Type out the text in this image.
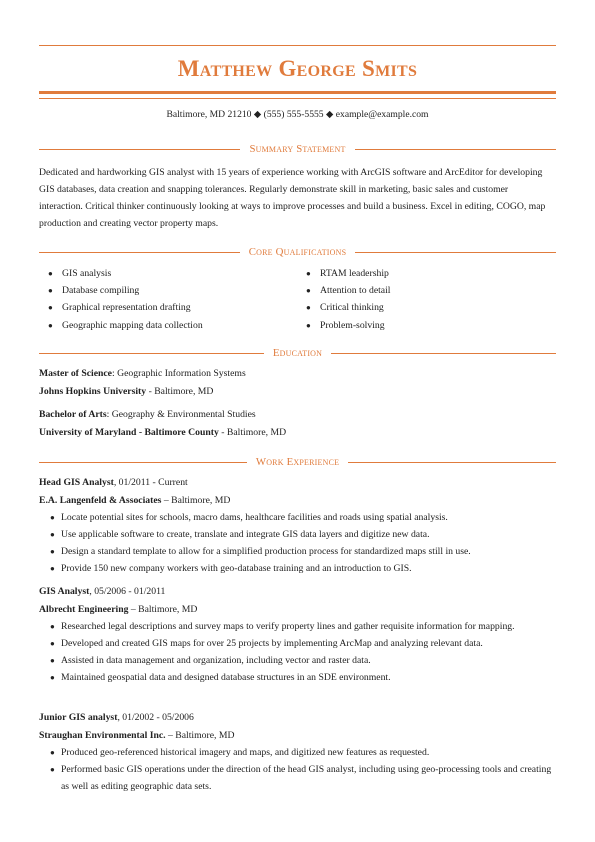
Matthew George Smits
Baltimore, MD 21210 ◆ (555) 555-5555 ◆ example@example.com
Summary Statement
Dedicated and hardworking GIS analyst with 15 years of experience working with ArcGIS software and ArcEditor for developing GIS databases, data creation and snapping tolerances. Regularly demonstrate skill in marketing, basic sales and customer interaction. Critical thinker continuously looking at ways to improve processes and build a business. Excel in editing, COGO, map production and creating vector property maps.
Core Qualifications
● GIS analysis
● Database compiling
● Graphical representation drafting
● Geographic mapping data collection
● RTAM leadership
● Attention to detail
● Critical thinking
● Problem-solving
Education
Master of Science: Geographic Information Systems
Johns Hopkins University - Baltimore, MD
Bachelor of Arts: Geography & Environmental Studies
University of Maryland - Baltimore County - Baltimore, MD
Work Experience
Head GIS Analyst, 01/2011 - Current
E.A. Langenfeld & Associates – Baltimore, MD
● Locate potential sites for schools, macro dams, healthcare facilities and roads using spatial analysis.
● Use applicable software to create, translate and integrate GIS data layers and digitize new data.
● Design a standard template to allow for a simplified production process for standardized maps still in use.
● Provide 150 new company workers with geo-database training and an introduction to GIS.
GIS Analyst, 05/2006 - 01/2011
Albrecht Engineering – Baltimore, MD
● Researched legal descriptions and survey maps to verify property lines and gather requisite information for mapping.
● Developed and created GIS maps for over 25 projects by implementing ArcMap and analyzing relevant data.
● Assisted in data management and organization, including vector and raster data.
● Maintained geospatial data and designed database structures in an SDE environment.
Junior GIS analyst, 01/2002 - 05/2006
Straughan Environmental Inc. – Baltimore, MD
● Produced geo-referenced historical imagery and maps, and digitized new features as requested.
● Performed basic GIS operations under the direction of the head GIS analyst, including using geo-processing tools and creating as well as editing geographic data sets.
